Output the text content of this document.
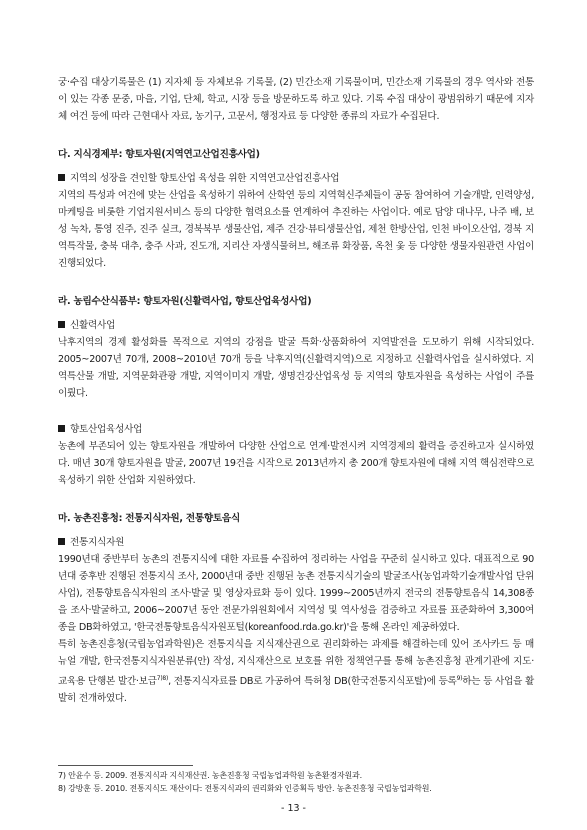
궁·수집 대상기록물은 (1) 지자체 등 자체보유 기록물, (2) 민간소재 기록물이며, 민간소재 기록물의 경우 역사와 전통이 있는 각종 문중, 마을, 기업, 단체, 학교, 시장 등을 방문하도록 하고 있다. 기록 수집 대상이 광범위하기 때문에 지자체 여건 등에 따라 근현대사 자료, 농기구, 고문서, 행정자료 등 다양한 종류의 자료가 수집된다.

다. 지식경제부: 향토자원(지역연고산업진흥사업)

지역의 성장을 견인할 향토산업 육성을 위한 지역연고산업진흥사업

지역의 특성과 여건에 맞는 산업을 육성하기 위하여 산학연 등의 지역혁신주체들이 공동 참여하여 기술개발, 인력양성, 마케팅을 비롯한 기업지원서비스 등의 다양한 협력요소를 연계하여 추진하는 사업이다. 예로 담양 대나무, 나주 배, 보성 녹차, 통영 진주, 진주 실크, 경북북부 생물산업, 제주 건강·뷰티생물산업, 제천 한방산업, 인천 바이오산업, 경북 지역특작물, 충북 대추, 충주 사과, 진도개, 지리산 자생식물허브, 해조류 화장품, 옥천 옻 등 다양한 생물자원관련 사업이 진행되었다.

라. 농림수산식품부: 향토자원(신활력사업, 향토산업육성사업)

신활력사업

낙후지역의 경제 활성화를 목적으로 지역의 강점을 발굴 특화·상품화하여 지역발전을 도모하기 위해 시작되었다. 2005~2007년 70개, 2008~2010년 70개 등을 낙후지역(신활력지역)으로 지정하고 신활력사업을 실시하였다. 지역특산물 개발, 지역문화관광 개발, 지역이미지 개발, 생명건강산업육성 등 지역의 향토자원을 육성하는 사업이 주를 이뤘다.

향토산업육성사업

농촌에 부존되어 있는 향토자원을 개발하여 다양한 산업으로 연계·발전시켜 지역경제의 활력을 증진하고자 실시하였다. 매년 30개 향토자원을 발굴, 2007년 19건을 시작으로 2013년까지 총 200개 향토자원에 대해 지역 핵심전략으로 육성하기 위한 산업화 지원하였다.

마. 농촌진흥청: 전통지식자원, 전통향토음식

전통지식자원

1990년대 중반부터 농촌의 전통지식에 대한 자료를 수집하여 정리하는 사업을 꾸준히 실시하고 있다. 대표적으로 90년대 중후반 진행된 전통지식 조사, 2000년대 중반 진행된 농촌 전통지식기술의 발굴조사(농업과학기술개발사업 단위사업), 전통향토음식자원의 조사·발굴 및 영상자료화 등이 있다. 1999~2005년까지 전국의 전통향토음식 14,308종을 조사·발굴하고, 2006~2007년 동안 전문가위원회에서 지역성 및 역사성을 검증하고 자료를 표준화하여 3,300여종을 DB화하였고, '한국전통향토음식자원포털(koreanfood.rda.go.kr)'을 통해 온라인 제공하였다.

특히 농촌진흥청(국립농업과학원)은 전통지식을 지식재산권으로 권리화하는 과제를 해결하는데 있어 조사카드 등 매뉴얼 개발, 한국전통지식자원분류(안) 작성, 지식재산으로 보호를 위한 정책연구를 통해 농촌진흥청 관계기관에 지도·교육용 단행본 발간·보급$^{7)8)}$, 전통지식자료를 DB로 가공하여 특허청 DB(한국전통지식포탈)에 등록$^{9)}$하는 등 사업을 활발히 전개하였다.

7) 안윤수 등. 2009. 전통지식과 지식재산권. 농촌진흥청 국립농업과학원 농촌환경자원과.

8) 강방훈 등. 2010. 전통지식도 재산이다: 전통지식과의 권리화와 인증획득 방안. 농촌진흥청 국립농업과학원.

- 13 -
